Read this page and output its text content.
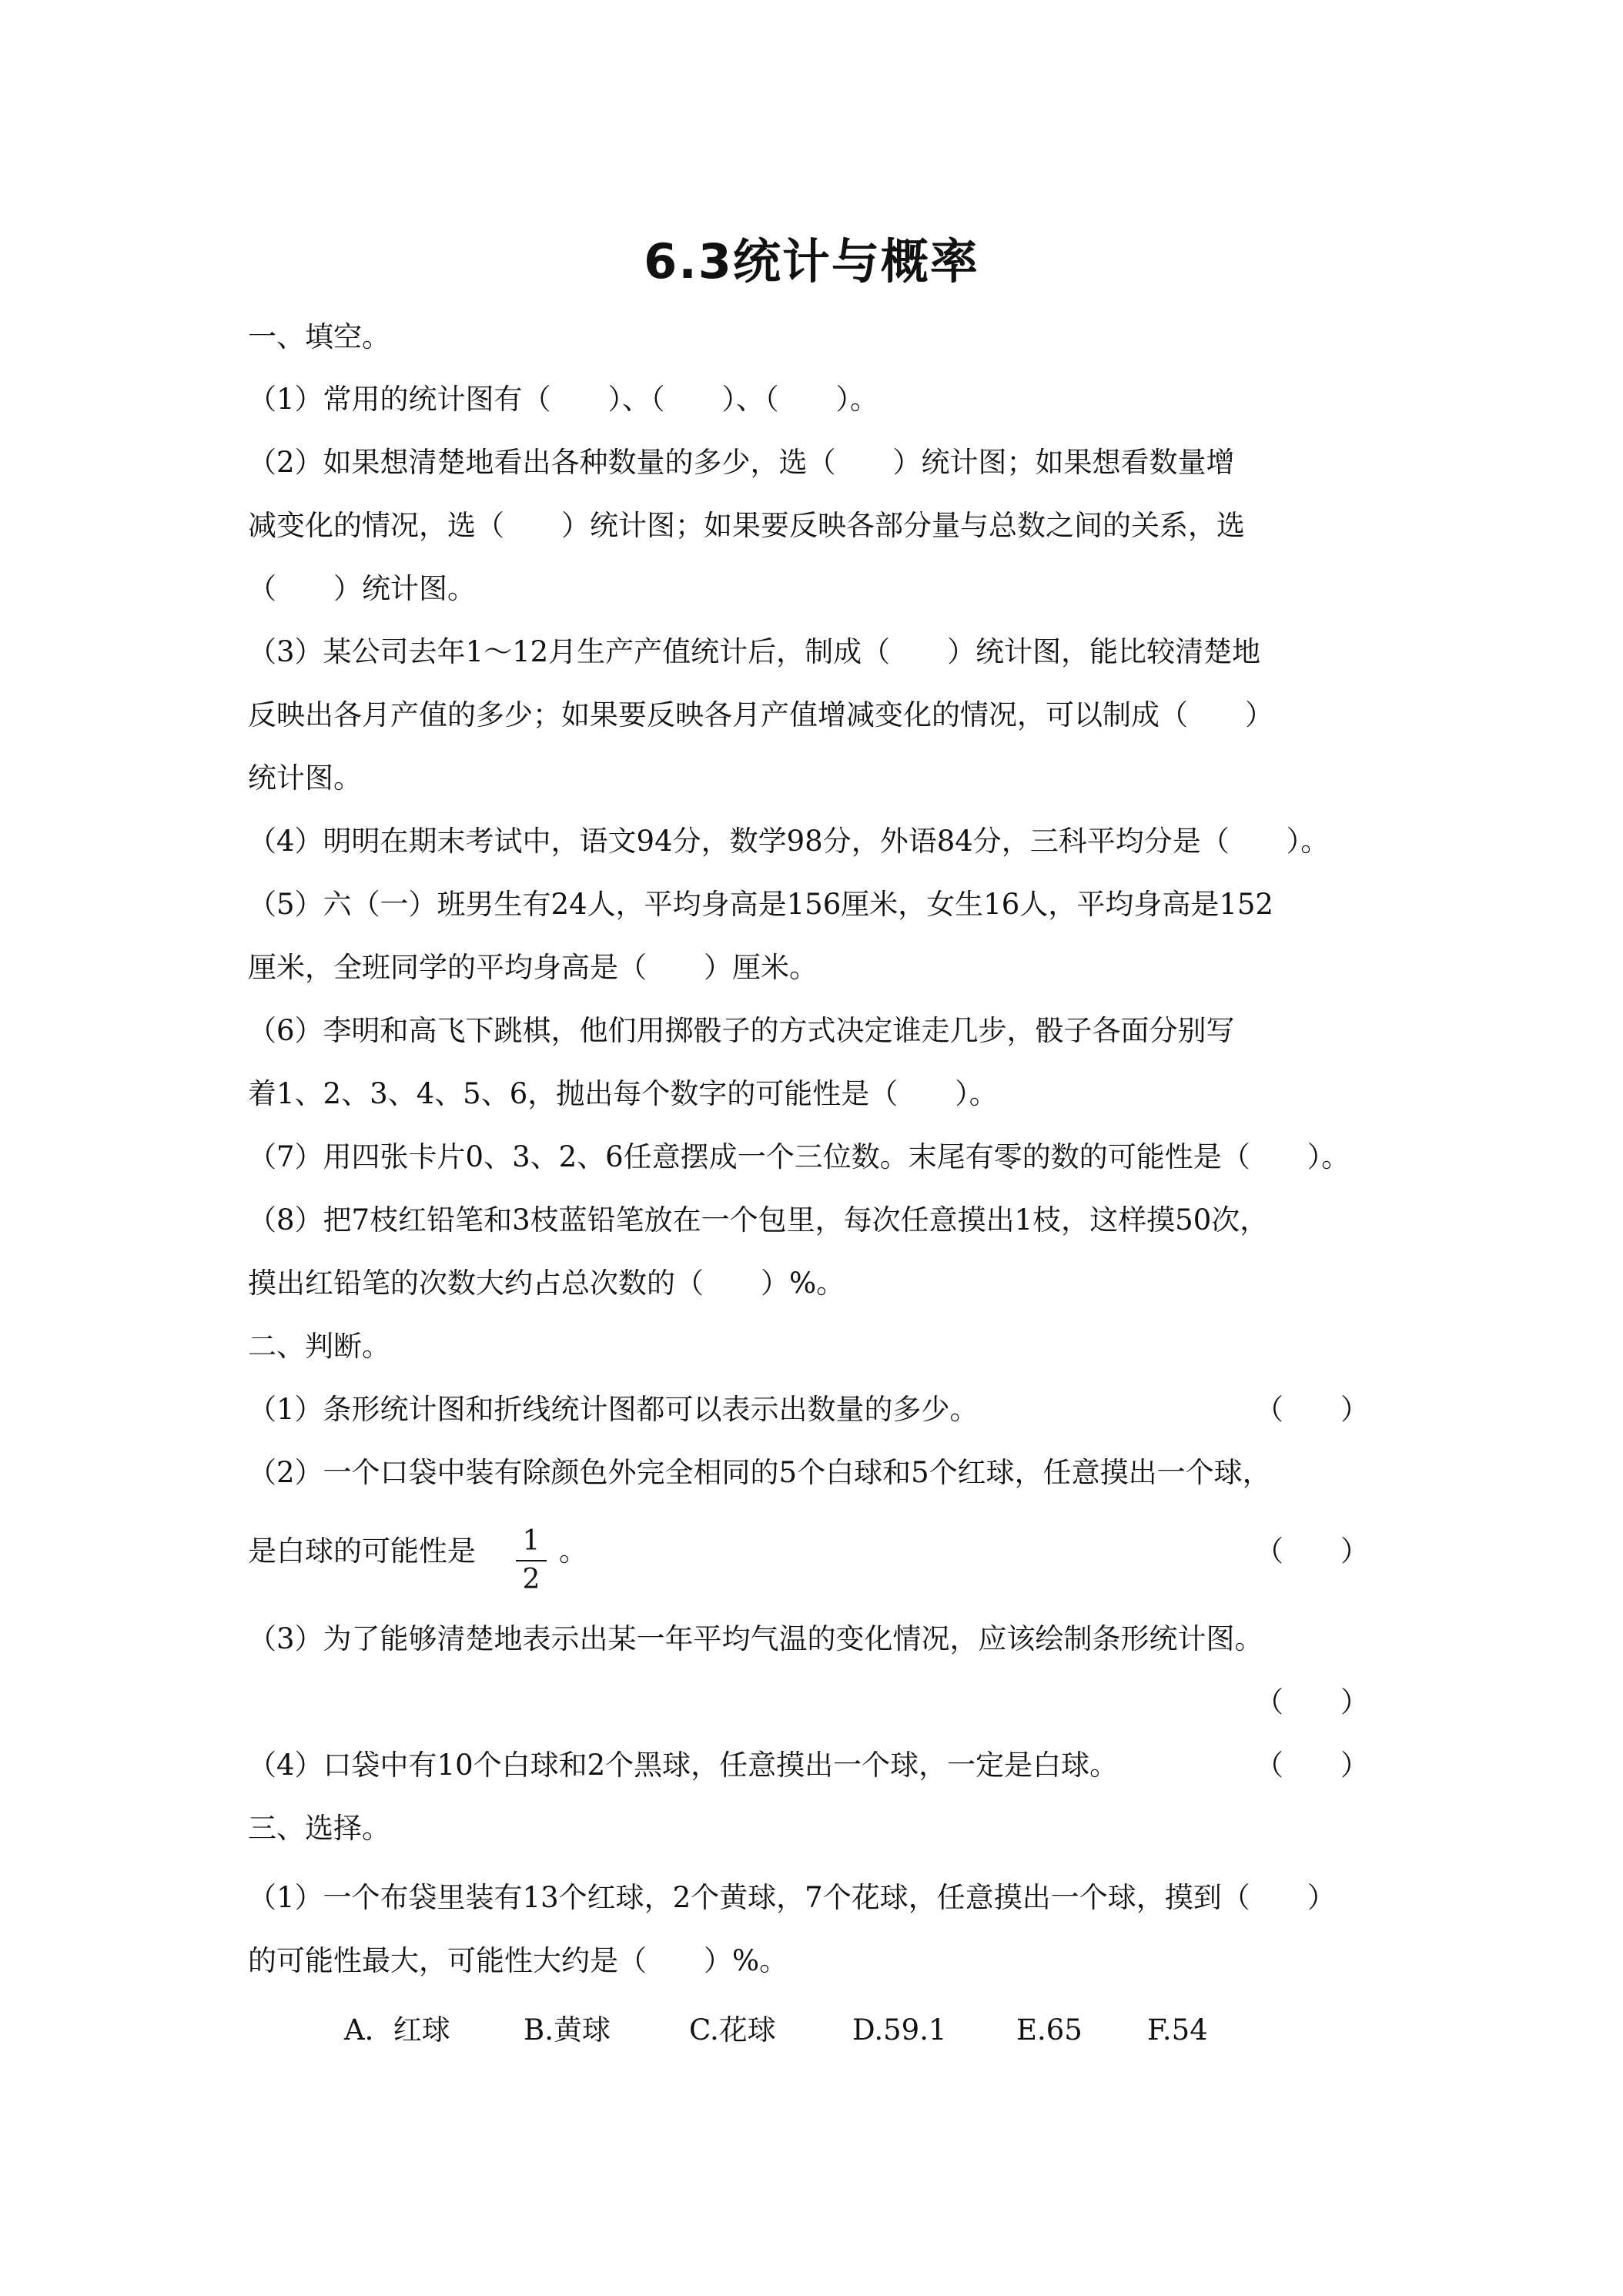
6.3统计与概率
一、填空。
（1）常用的统计图有（　　）、（　　）、（　　）。
（2）如果想清楚地看出各种数量的多少，选（　　）统计图；如果想看数量增
减变化的情况，选（　　）统计图；如果要反映各部分量与总数之间的关系，选
（　　）统计图。
（3）某公司去年1～12月生产产值统计后，制成（　　）统计图，能比较清楚地
反映出各月产值的多少；如果要反映各月产值增减变化的情况，可以制成（　　）
统计图。
（4）明明在期末考试中，语文94分，数学98分，外语84分，三科平均分是（　　）。
（5）六（一）班男生有24人，平均身高是156厘米，女生16人，平均身高是152
厘米，全班同学的平均身高是（　　）厘米。
（6）李明和高飞下跳棋，他们用掷骰子的方式决定谁走几步，骰子各面分别写
着1、2、3、4、5、6，抛出每个数字的可能性是（　　）。
（7）用四张卡片0、3、2、6任意摆成一个三位数。末尾有零的数的可能性是（　　）。
（8）把7枝红铅笔和3枝蓝铅笔放在一个包里，每次任意摸出1枝，这样摸50次，
摸出红铅笔的次数大约占总次数的（　　）%。
二、判断。
（1）条形统计图和折线统计图都可以表示出数量的多少。	（　　）
（2）一个口袋中装有除颜色外完全相同的5个白球和5个红球，任意摸出一个球，
是白球的可能性是 $\frac{1}{2}$ 。	（　　）
（3）为了能够清楚地表示出某一年平均气温的变化情况，应该绘制条形统计图。
（　　）
（4）口袋中有10个白球和2个黑球，任意摸出一个球，一定是白球。	（　　）
三、选择。
（1）一个布袋里装有13个红球，2个黄球，7个花球，任意摸出一个球，摸到（　　）
的可能性最大，可能性大约是（　　）%。
A．红球	B.黄球	C.花球	D.59.1 E.65 F.54
